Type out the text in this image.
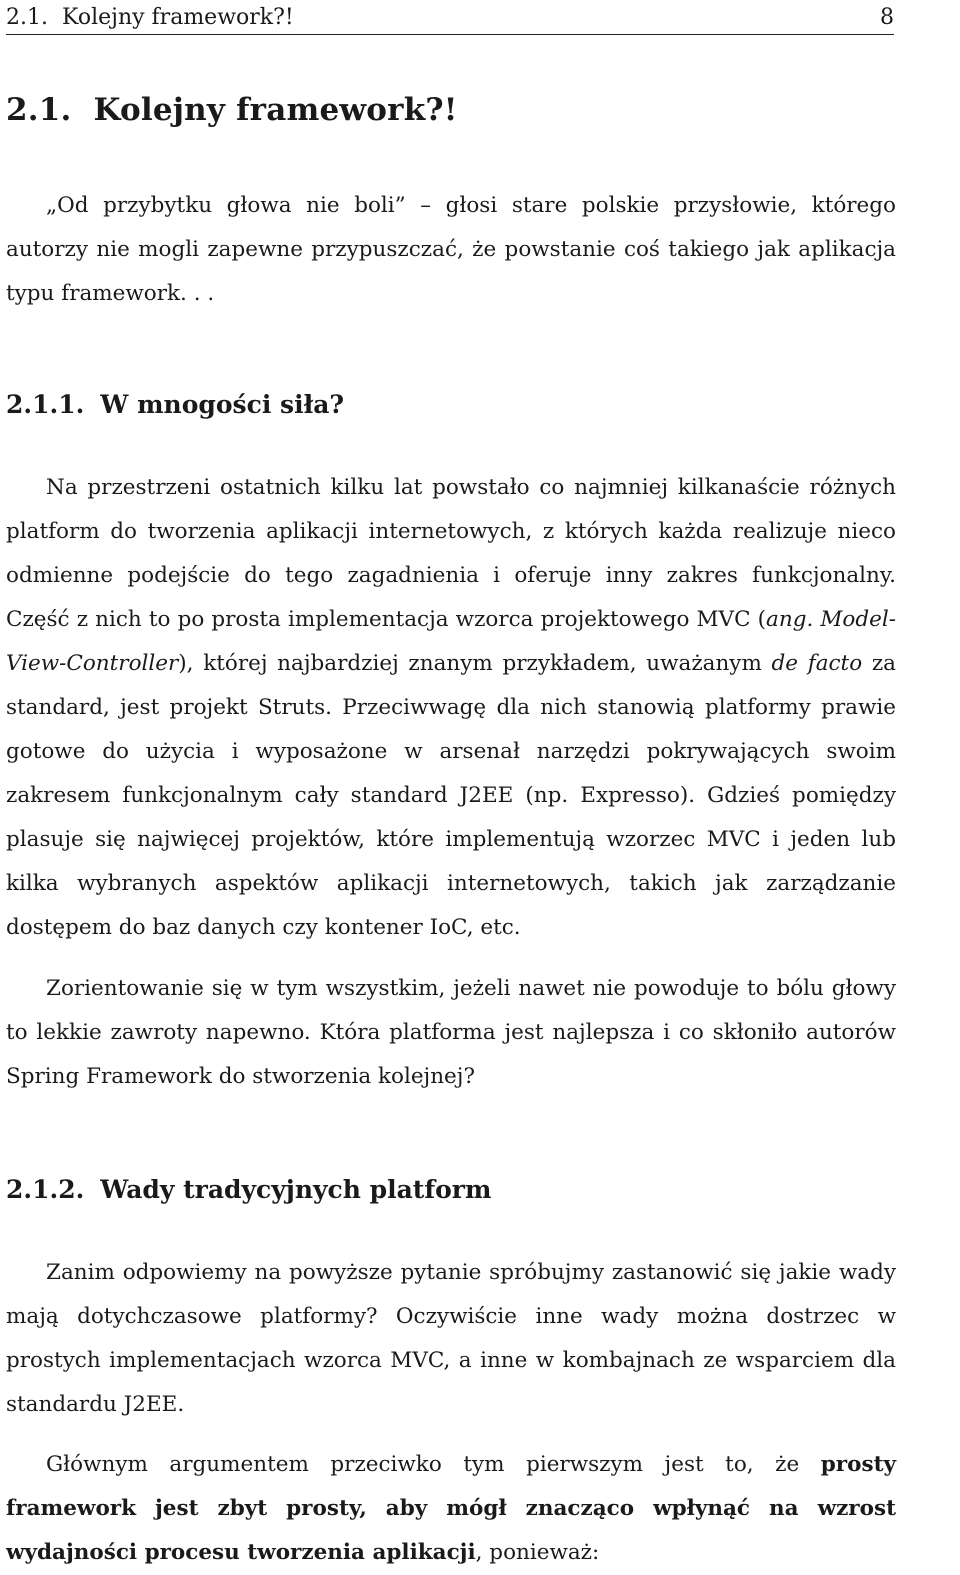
2.1. Kolejny framework?!	8
2.1. Kolejny framework?!

„Od przybytku głowa nie boli” – głosi stare polskie przysłowie, którego autorzy nie mogli zapewne przypuszczać, że powstanie coś takiego jak aplikacja typu framework. . .

2.1.1. W mnogości siła?

Na przestrzeni ostatnich kilku lat powstało co najmniej kilkanaście różnych platform do tworzenia aplikacji internetowych, z których każda realizuje nieco odmienne podejście do tego zagadnienia i oferuje inny zakres funkcjonalny. Część z nich to po prosta implementacja wzorca projektowego MVC (ang. Model-View-Controller), której najbardziej znanym przykładem, uważanym de facto za standard, jest projekt Struts. Przeciwwagę dla nich stanowią platformy prawie gotowe do użycia i wyposażone w arsenał narzędzi pokrywających swoim zakresem funkcjonalnym cały standard J2EE (np. Expresso). Gdzieś pomiędzy plasuje się najwięcej projektów, które implementują wzorzec MVC i jeden lub kilka wybranych aspektów aplikacji internetowych, takich jak zarządzanie dostępem do baz danych czy kontener IoC, etc.

Zorientowanie się w tym wszystkim, jeżeli nawet nie powoduje to bólu głowy to lekkie zawroty napewno. Która platforma jest najlepsza i co skłoniło autorów Spring Framework do stworzenia kolejnej?

2.1.2. Wady tradycyjnych platform

Zanim odpowiemy na powyższe pytanie spróbujmy zastanowić się jakie wady mają dotychczasowe platformy? Oczywiście inne wady można dostrzec w prostych implementacjach wzorca MVC, a inne w kombajnach ze wsparciem dla standardu J2EE.

Głównym argumentem przeciwko tym pierwszym jest to, że prosty framework jest zbyt prosty, aby mógł znacząco wpłynąć na wzrost wydajności procesu tworzenia aplikacji, ponieważ:
